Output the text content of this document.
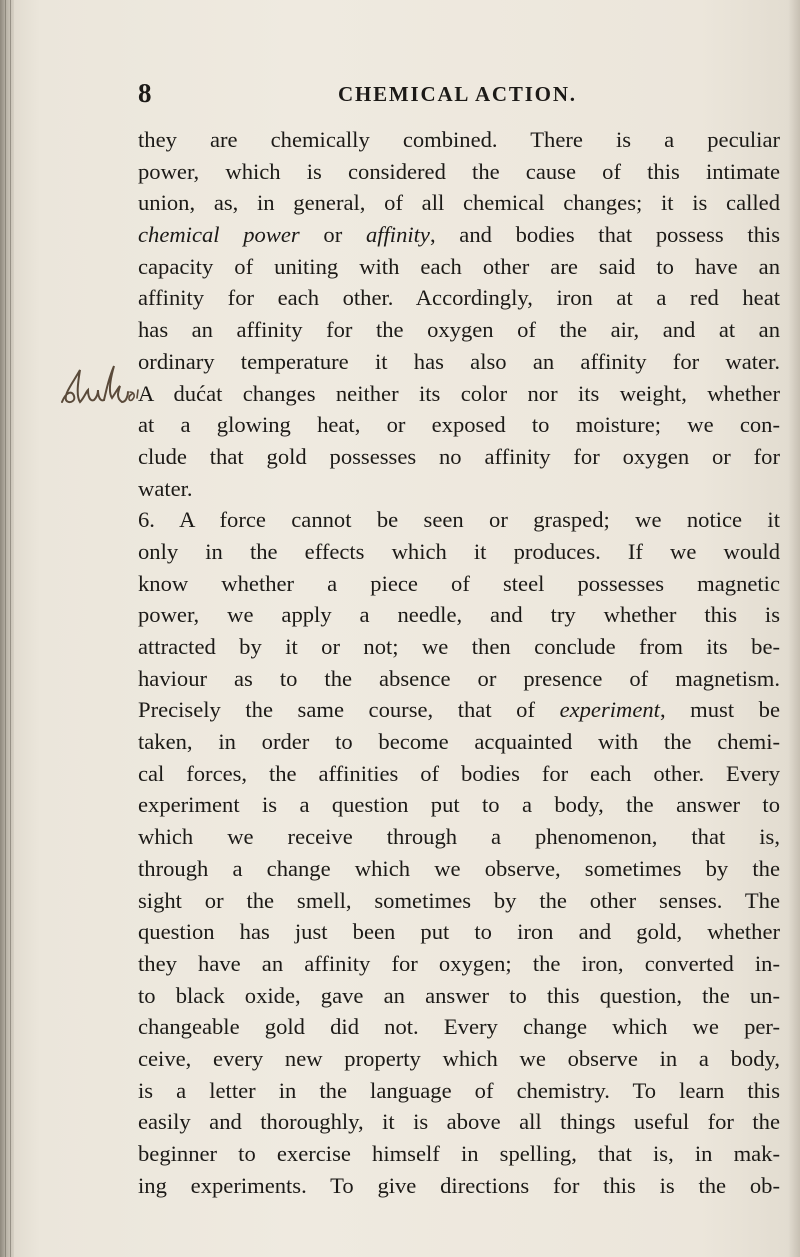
8	CHEMICAL ACTION.
they are chemically combined. There is a peculiar
power, which is considered the cause of this intimate
union, as, in general, of all chemical changes; it is called
chemical power or affinity, and bodies that possess this
capacity of uniting with each other are said to have an
affinity for each other. Accordingly, iron at a red heat
has an affinity for the oxygen of the air, and at an
ordinary temperature it has also an affinity for water.
A dućat changes neither its color nor its weight, whether
at a glowing heat, or exposed to moisture; we con-
clude that gold possesses no affinity for oxygen or for
water.
6. A force cannot be seen or grasped; we notice it
only in the effects which it produces. If we would
know whether a piece of steel possesses magnetic
power, we apply a needle, and try whether this is
attracted by it or not; we then conclude from its be-
haviour as to the absence or presence of magnetism.
Precisely the same course, that of experiment, must be
taken, in order to become acquainted with the chemi-
cal forces, the affinities of bodies for each other. Every
experiment is a question put to a body, the answer to
which we receive through a phenomenon, that is,
through a change which we observe, sometimes by the
sight or the smell, sometimes by the other senses. The
question has just been put to iron and gold, whether
they have an affinity for oxygen; the iron, converted in-
to black oxide, gave an answer to this question, the un-
changeable gold did not. Every change which we per-
ceive, every new property which we observe in a body,
is a letter in the language of chemistry. To learn this
easily and thoroughly, it is above all things useful for the
beginner to exercise himself in spelling, that is, in mak-
ing experiments. To give directions for this is the ob-
